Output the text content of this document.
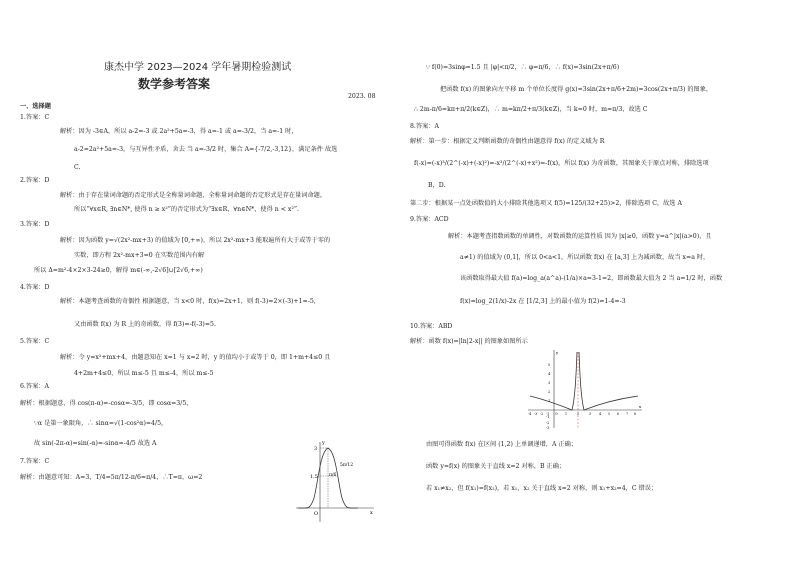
康杰中学 2023—2024 学年暑期检验测试
数学参考答案
2023. 08
一、选择题
1.答案：C
解析：因为 -3∈A，所以 a-2=-3 或 2a²+5a=-3，得 a=-1 或 a=-3/2，当 a=-1 时，
a-2=2a²+5a=-3，与互异性矛盾，舍去 当 a=-3/2 时，集合 A={-7/2,-3,12}，满足条件 故选
C.
2.答案：D
解析：由于存在量词命题的否定形式是全称量词命题，全称量词命题的否定形式是存在量词命题，
所以“∀x∈R, ∃n∈N*, 使得 n ≥ x²”的否定形式为“∃x∈R，∀n∈N*，使得 n < x²”.
3.答案：D
解析：因为函数 y=√(2x²-mx+3) 的值域为 [0,+∞)，所以 2x²-mx+3 能取遍所有大于或等于零的
实数，即方程 2x²-mx+3=0 在实数范围内有解
所以 Δ=m²-4×2×3-24≥0，解得 m∈(-∞,-2√6]∪[2√6,+∞)
4.答案：D
解析：本题考查函数的奇偶性 根据题意，当 x<0 时，f(x)=2x+1，则 f(-3)=2×(-3)+1=-5，
又由函数 f(x) 为 R 上的奇函数，得 f(3)=-f(-3)=5.
5.答案：C
解析：令 y=x²+mx+4，由题意知在 x=1 与 x=2 时，y 的值均小于或等于 0，即 1+m+4≤0 且
4+2m+4≤0，所以 m≤-5 且 m≤-4，所以 m≤-5
6.答案：A
解析：根据题意，得 cos(π-α)=-cosα=-3/5，即 cosα=3/5，
∵α 是第一象限角，∴ sinα=√(1-cos²α)=4/5，
故 sin(-2π-α)=sin(-α)=-sinα=-4/5 故选 A
7.答案：C
解析：由题意可知：A=3，T/4=5π/12-π/6=π/4，∴T=π，ω=2
3
1.5
O
π/6
5π/12
x
y
∵ f(0)=3sinφ=1.5 且 |φ|<π/2，∴ φ=π/6，∴ f(x)=3sin(2x+π/6)
把函数 f(x) 的图象向左平移 m 个单位长度得 g(x)=3sin(2x+π/6+2m)=3cos(2x+π/3) 的图象，
∴ 2m-π/6=kπ+π/2(k∈Z)，∴ m=kπ/2+π/3(k∈Z)，当 k=0 时，m=π/3，故选 C
8.答案：A
解析：第一步：根据定义判断函数的奇偶性由题意得 f(x) 的定义域为 R
f(-x)=(-x)³/(2^(-x)+(-x)²)=-x³/(2^(-x)+x²)=-f(x)，所以 f(x) 为奇函数，其图象关于原点对称，排除选项
B，D.
第二步：根据某一点处函数值的大小排除其他选项又 f(5)=125/(32+25)>2，排除选项 C，故选 A
9.答案：ACD
解析：本题考查指数函数的单调性，对数函数的运算性质 因为 |x|≥0，函数 y=a^|x|(a>0)，且
a≠1) 的值域为 (0,1]，所以 0<a<1，所以函数 f(x) 在 [a,3] 上为减函数，故当 x=a 时，
该函数取得最大值 f(a)=log_a(a^a)-(1/a)×a=3-1=2，即函数最大值为 2 当 a=1/2 时，函数
f(x)=log_2(1/x)-2x 在 [1/2,3] 上的最小值为 f(2)=1-4=-3
10.答案：ABD
解析：函数 f(x)=|ln|2-x|| 的图象如图所示
5
4
3
2
1
-1
-2
-3
-4 -3 -2 -1 O 1	2	3 4 5 6 7 8
x
y
由图可得函数 f(x) 在区间 (1,2) 上单调递增，A 正确；
函数 y=f(x) 的图象关于直线 x=2 对称，B 正确；
若 x₁≠x₂，但 f(x₁)=f(x₂)，若 x₁，x₂ 关于直线 x=2 对称，则 x₁+x₂=4，C 错误；
